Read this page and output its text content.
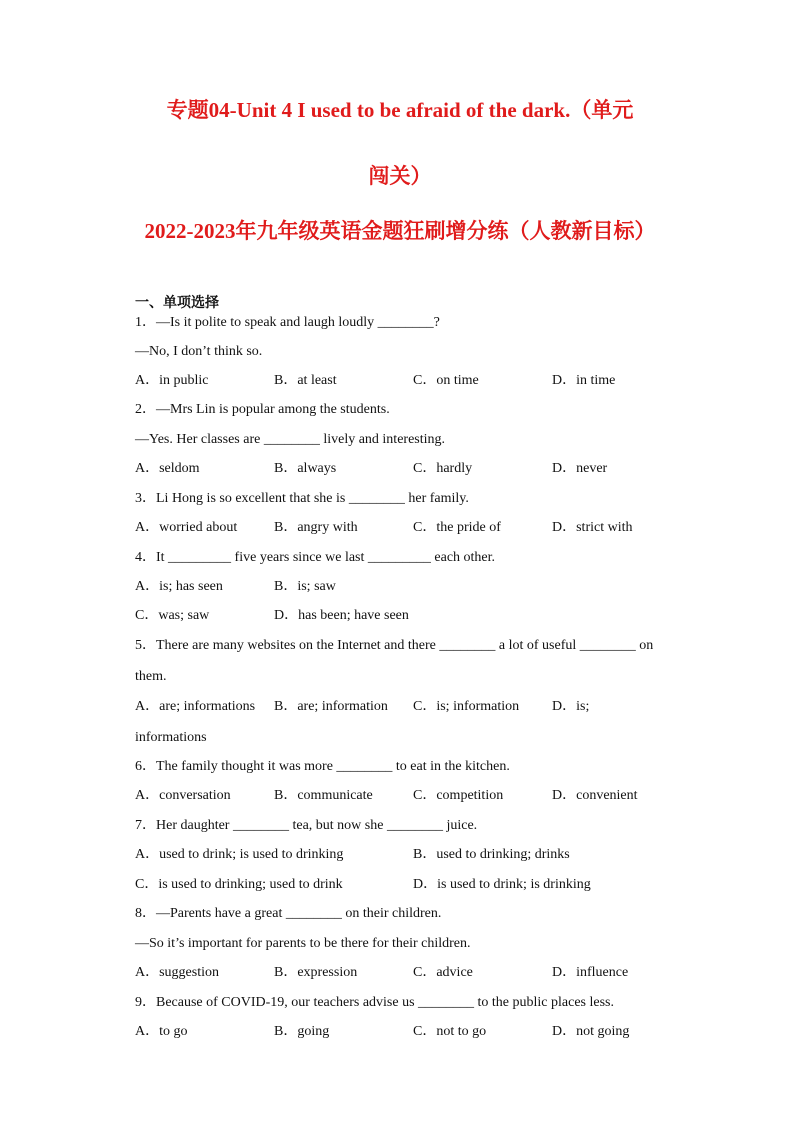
专题04-Unit 4 I used to be afraid of the dark.（单元
闯关）
2022-2023年九年级英语金题狂刷增分练（人教新目标）
一、单项选择
1．—Is it polite to speak and laugh loudly ________?
—No, I don’t think so.
A．in public	B．at least	C．on time	D．in time
2．—Mrs Lin is popular among the students.
—Yes. Her classes are ________ lively and interesting.
A．seldom	B．always	C．hardly	D．never
3．Li Hong is so excellent that she is ________ her family.
A．worried about	B．angry with	C．the pride of	D．strict with
4．It _________ five years since we last _________ each other.
A．is; has seen	B．is; saw
C．was; saw	D．has been; have seen
5．There are many websites on the Internet and there ________ a lot of useful ________ on
them.
A．are; informations B．are; information C．is; information D．is;
informations
6．The family thought it was more ________ to eat in the kitchen.
A．conversation	B．communicate	C．competition	D．convenient
7．Her daughter ________ tea, but now she ________ juice.
A．used to drink; is used to drinking	B．used to drinking; drinks
C．is used to drinking; used to drink	D．is used to drink; is drinking
8．—Parents have a great ________ on their children.
—So it’s important for parents to be there for their children.
A．suggestion	B．expression	C．advice	D．influence
9．Because of COVID-19, our teachers advise us ________ to the public places less.
A．to go	B．going	C．not to go	D．not going
